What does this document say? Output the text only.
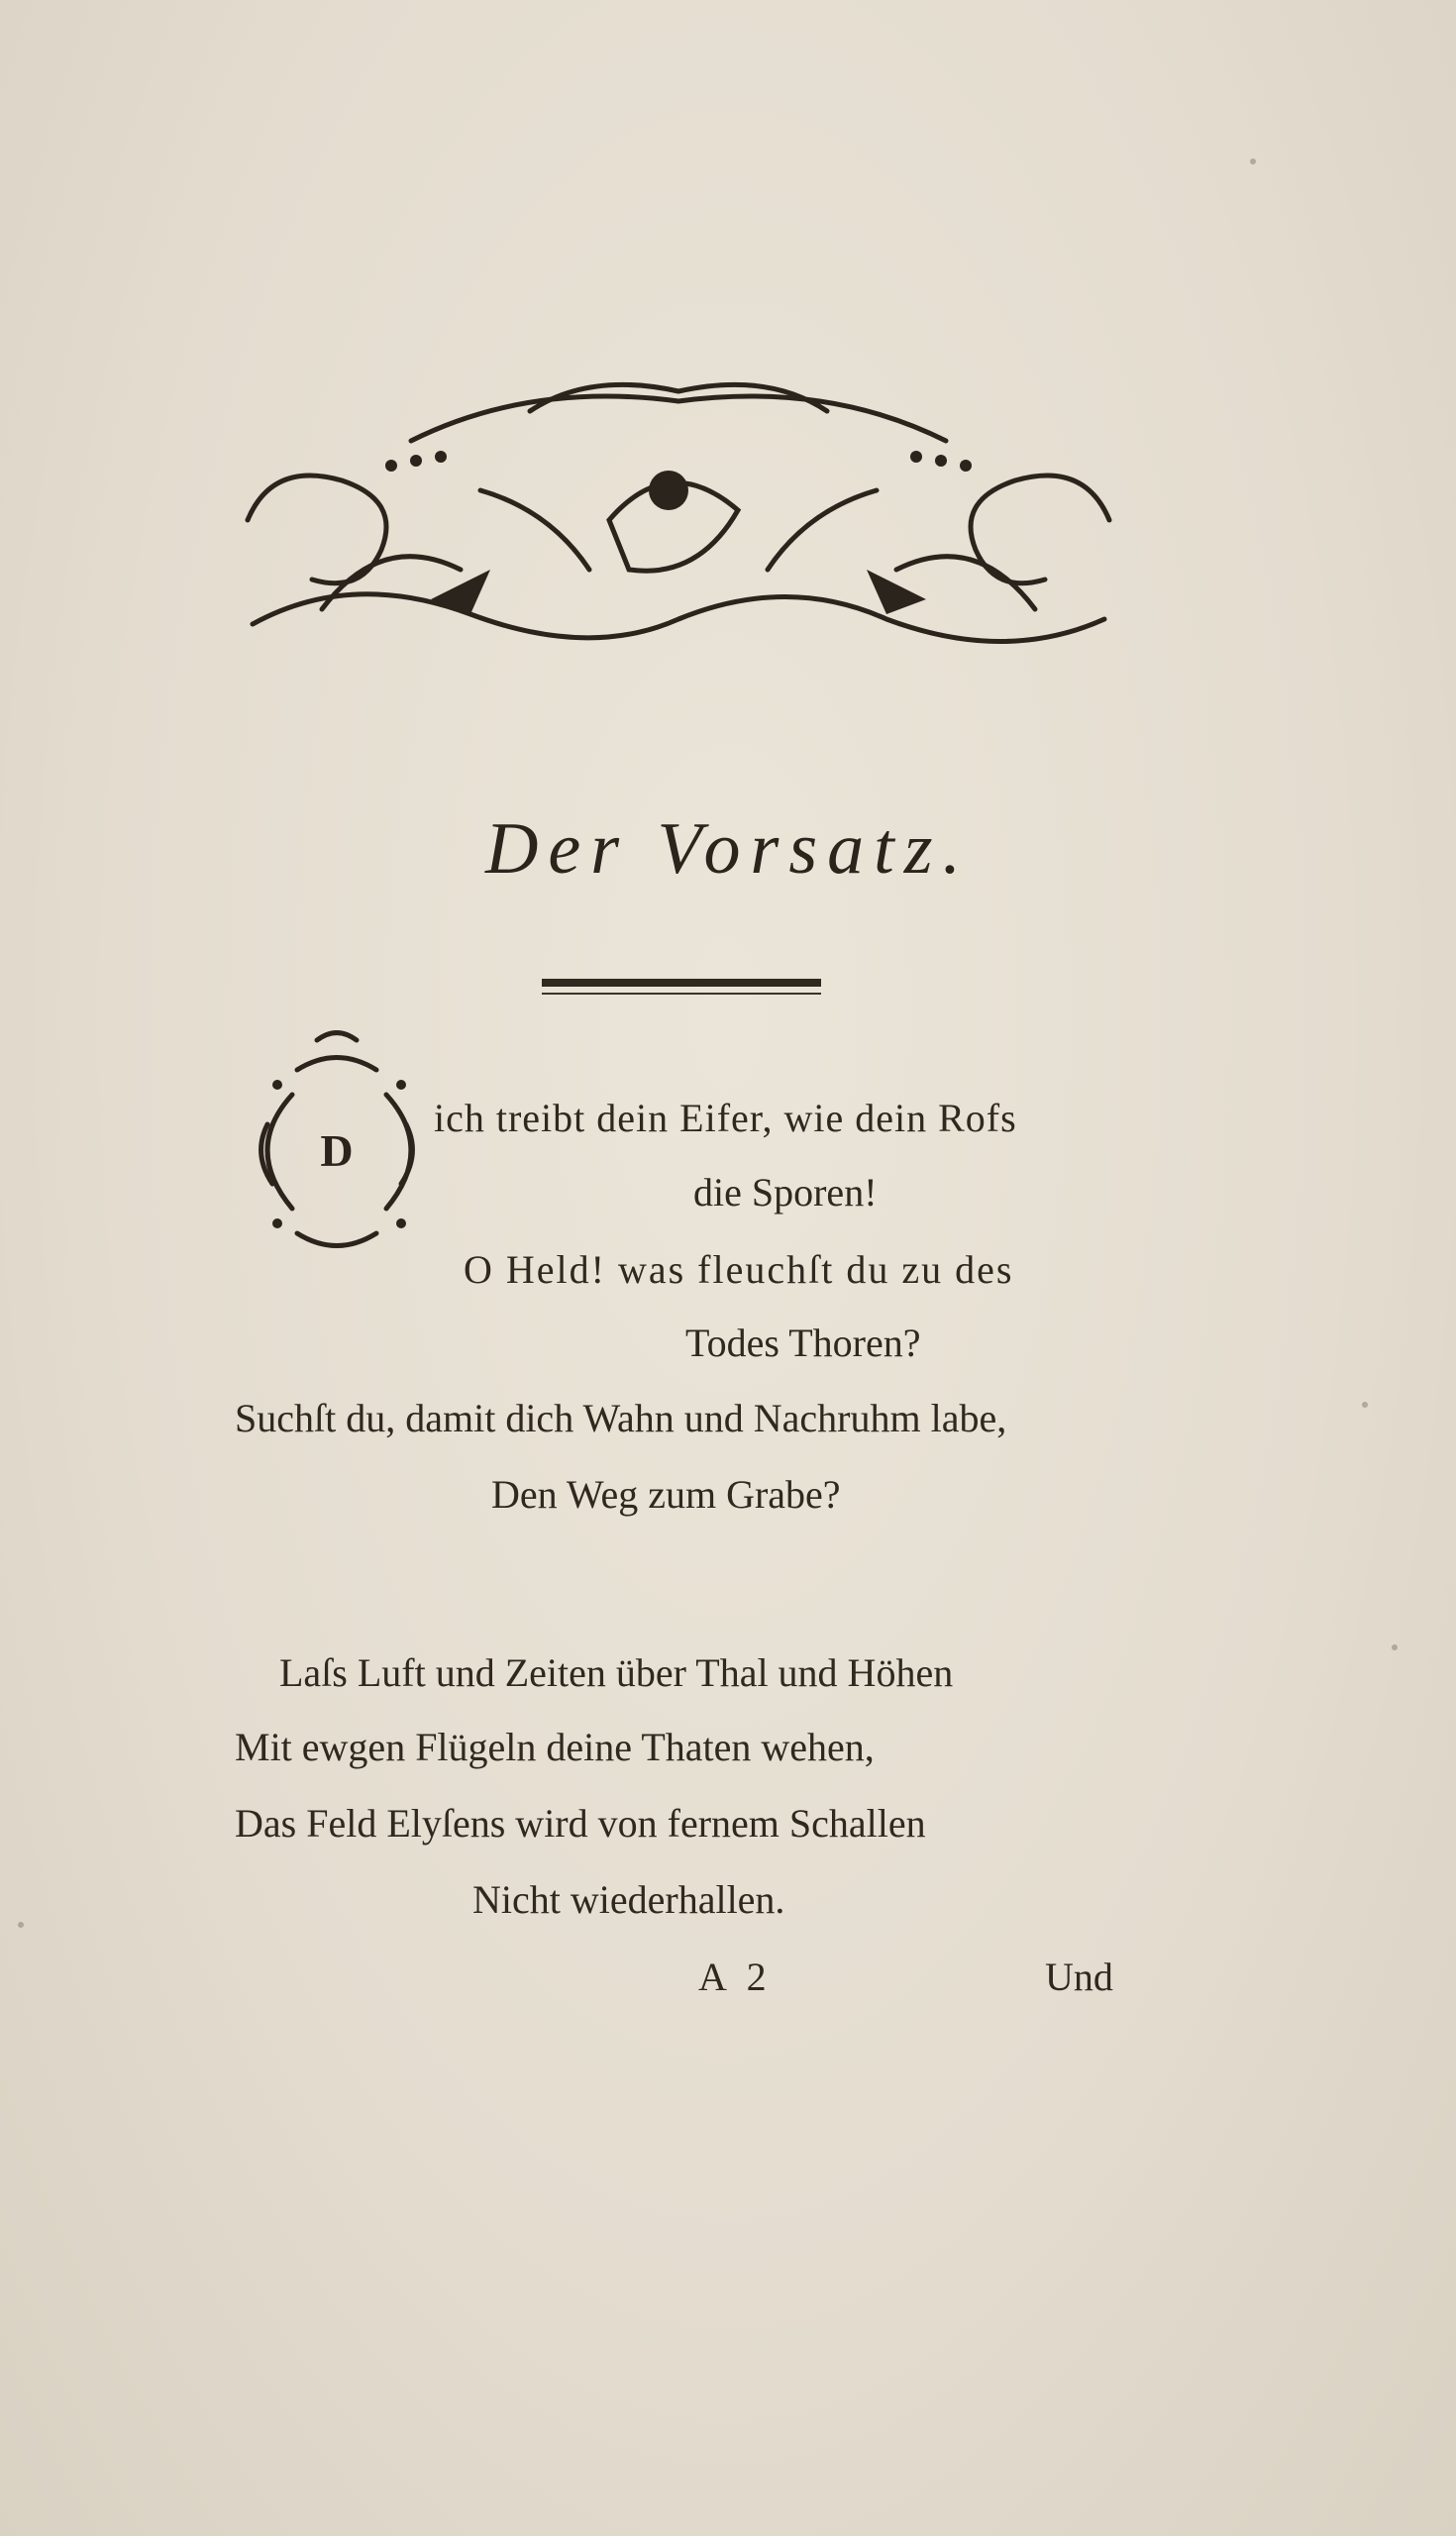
Der Vorsatz.
D
ich treibt dein Eifer, wie dein Rofs
die Sporen!
O Held! was fleuchſt du zu des
Todes Thoren?
Suchſt du, damit dich Wahn und Nachruhm labe,
Den Weg zum Grabe?
Laſs Luft und Zeiten über Thal und Höhen
Mit ewgen Flügeln deine Thaten wehen,
Das Feld Elyſens wird von fernem Schallen
Nicht wiederhallen.
A 2	Und
